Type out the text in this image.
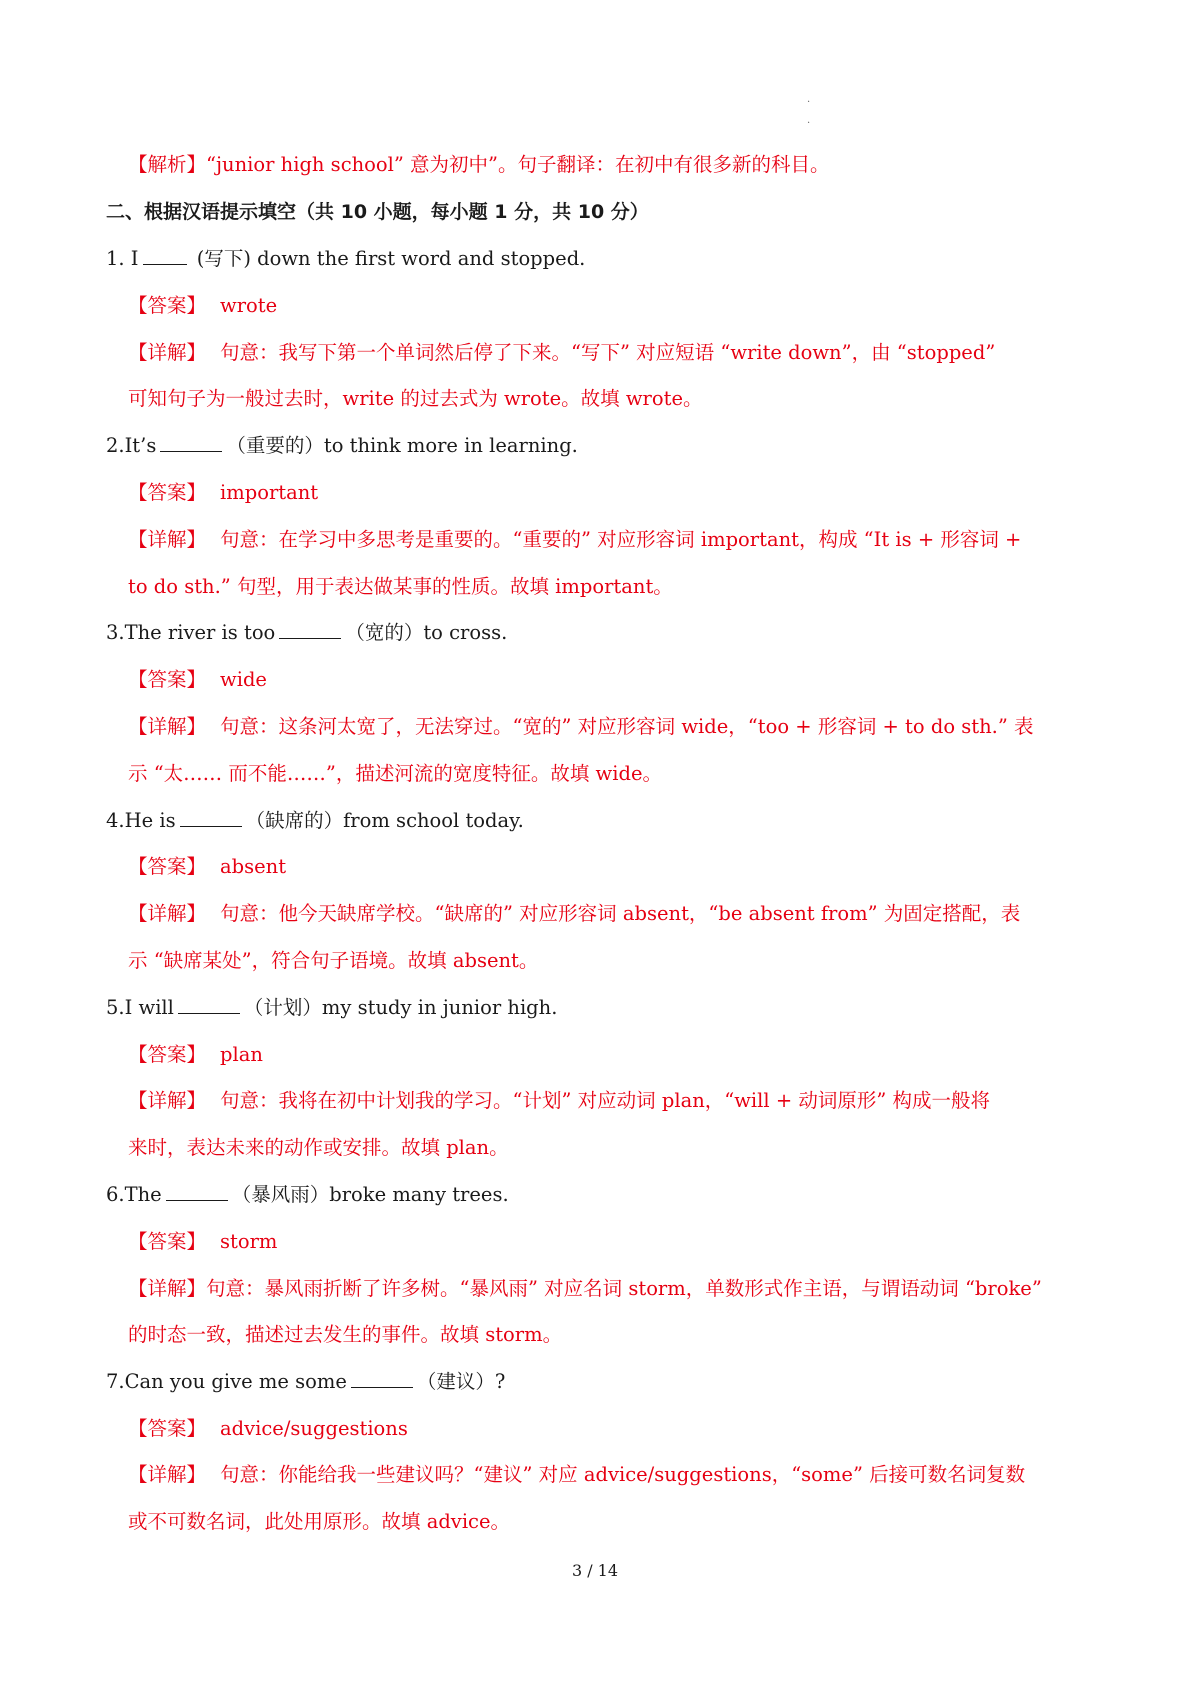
.
.
【解析】“junior high school” 意为初中”。句子翻译：在初中有很多新的科目。
二、根据汉语提示填空（共 10 小题，每小题 1 分，共 10 分）
1. I	(写下) down the first word and stopped.
【答案】 wrote
【详解】 句意：我写下第一个单词然后停了下来。“写下” 对应短语 “write down”，由 “stopped”
可知句子为一般过去时，write 的过去式为 wrote。故填 wrote。
2.It’s	（重要的）to think more in learning.
【答案】 important
【详解】 句意：在学习中多思考是重要的。“重要的” 对应形容词 important，构成 “It is + 形容词 +
to do sth.” 句型，用于表达做某事的性质。故填 important。
3.The river is too	（宽的）to cross.
【答案】 wide
【详解】 句意：这条河太宽了，无法穿过。“宽的” 对应形容词 wide，“too + 形容词 + to do sth.” 表
示 “太…… 而不能……”，描述河流的宽度特征。故填 wide。
4.He is	（缺席的）from school today.
【答案】 absent
【详解】 句意：他今天缺席学校。“缺席的” 对应形容词 absent，“be absent from” 为固定搭配，表
示 “缺席某处”，符合句子语境。故填 absent。
5.I will	（计划）my study in junior high.
【答案】 plan
【详解】 句意：我将在初中计划我的学习。“计划” 对应动词 plan，“will + 动词原形” 构成一般将
来时，表达未来的动作或安排。故填 plan。
6.The	（暴风雨）broke many trees.
【答案】 storm
【详解】句意：暴风雨折断了许多树。“暴风雨” 对应名词 storm，单数形式作主语，与谓语动词 “broke”
的时态一致，描述过去发生的事件。故填 storm。
7.Can you give me some	（建议）?
【答案】 advice/suggestions
【详解】 句意：你能给我一些建议吗？“建议” 对应 advice/suggestions，“some” 后接可数名词复数
或不可数名词，此处用原形。故填 advice。
3 / 14
